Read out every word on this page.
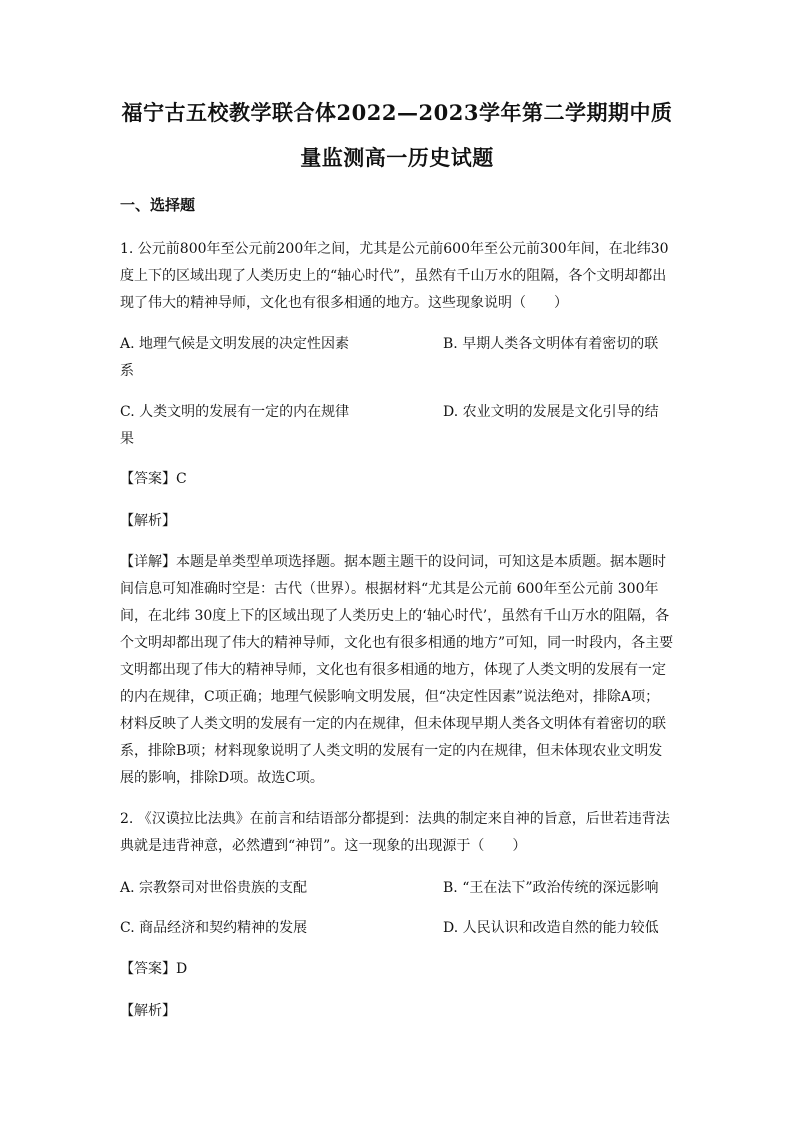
福宁古五校教学联合体2022—2023学年第二学期期中质
量监测高一历史试题
一、选择题
1. 公元前800年至公元前200年之间，尤其是公元前600年至公元前300年间，在北纬30
度上下的区域出现了人类历史上的“轴心时代”，虽然有千山万水的阻隔，各个文明却都出
现了伟大的精神导师，文化也有很多相通的地方。这些现象说明（　　）
A. 地理气候是文明发展的决定性因素	B. 早期人类各文明体有着密切的联
系
C. 人类文明的发展有一定的内在规律	D. 农业文明的发展是文化引导的结
果
【答案】C
【解析】
【详解】本题是单类型单项选择题。据本题主题干的设问词，可知这是本质题。据本题时
间信息可知准确时空是：古代（世界）。根据材料“尤其是公元前 600年至公元前 300年
间，在北纬 30度上下的区域出现了人类历史上的‘轴心时代’，虽然有千山万水的阻隔，各
个文明却都出现了伟大的精神导师，文化也有很多相通的地方”可知，同一时段内，各主要
文明都出现了伟大的精神导师，文化也有很多相通的地方，体现了人类文明的发展有一定
的内在规律，C项正确；地理气候影响文明发展，但“决定性因素”说法绝对，排除A项；
材料反映了人类文明的发展有一定的内在规律，但未体现早期人类各文明体有着密切的联
系，排除B项；材料现象说明了人类文明的发展有一定的内在规律，但未体现农业文明发
展的影响，排除D项。故选C项。
2. 《汉谟拉比法典》在前言和结语部分都提到：法典的制定来自神的旨意，后世若违背法
典就是违背神意，必然遭到“神罚”。这一现象的出现源于（　　）
A. 宗教祭司对世俗贵族的支配	B. “王在法下”政治传统的深远影响
C. 商品经济和契约精神的发展	D. 人民认识和改造自然的能力较低
【答案】D
【解析】
